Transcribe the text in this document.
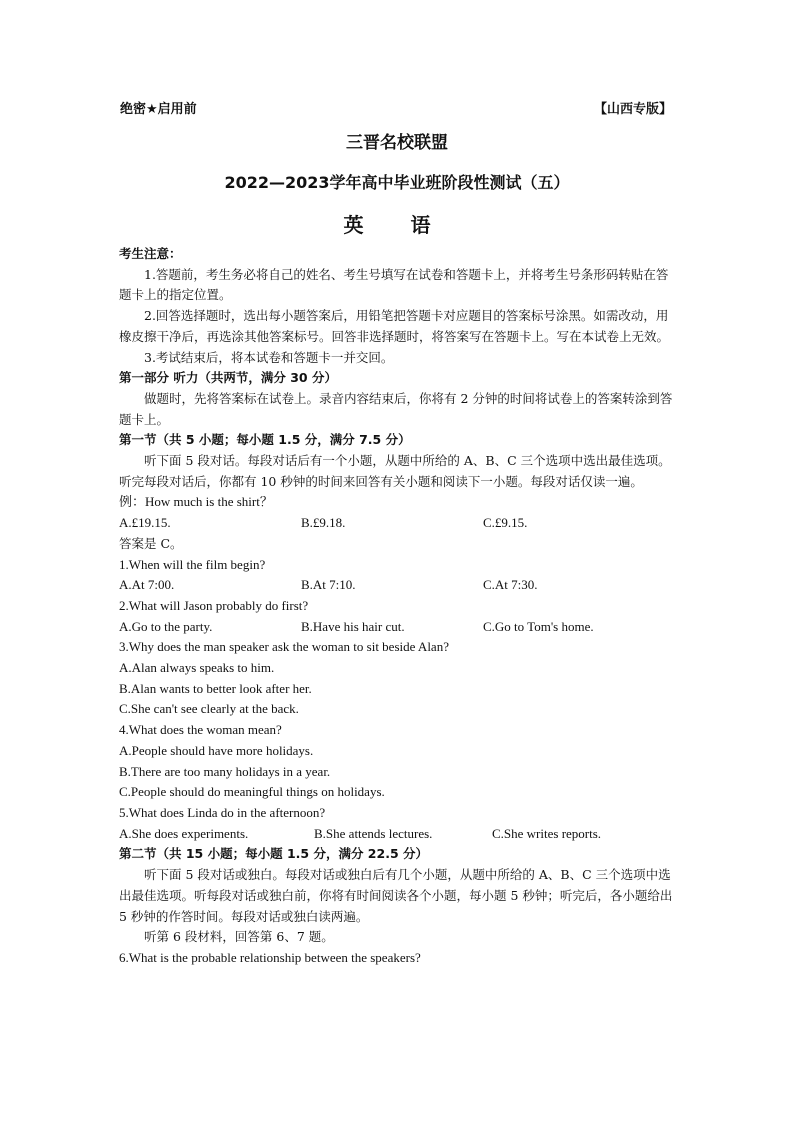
绝密★启用前	【山西专版】
三晋名校联盟
2022—2023学年高中毕业班阶段性测试（五）
英 语

考生注意：

1.答题前，考生务必将自己的姓名、考生号填写在试卷和答题卡上，并将考生号条形码转贴在答题卡上的指定位置。

2.回答选择题时，选出每小题答案后，用铅笔把答题卡对应题目的答案标号涂黑。如需改动，用橡皮擦干净后，再选涂其他答案标号。回答非选择题时，将答案写在答题卡上。写在本试卷上无效。

3.考试结束后，将本试卷和答题卡一并交回。

第一部分 听力（共两节，满分 30 分）

做题时，先将答案标在试卷上。录音内容结束后，你将有 2 分钟的时间将试卷上的答案转涂到答题卡上。

第一节（共 5 小题；每小题 1.5 分，满分 7.5 分）

听下面 5 段对话。每段对话后有一个小题，从题中所给的 A、B、C 三个选项中选出最佳选项。听完每段对话后，你都有 10 秒钟的时间来回答有关小题和阅读下一小题。每段对话仅读一遍。

例：How much is the shirt？

A.£19.15.	B.£9.18.	C.£9.15.

答案是 C。

1.When will the film begin?

A.At 7:00.	B.At 7:10.	C.At 7:30.

2.What will Jason probably do first?

A.Go to the party.	B.Have his hair cut.	C.Go to Tom's home.

3.Why does the man speaker ask the woman to sit beside Alan?

A.Alan always speaks to him.

B.Alan wants to better look after her.

C.She can't see clearly at the back.

4.What does the woman mean?

A.People should have more holidays.

B.There are too many holidays in a year.

C.People should do meaningful things on holidays.

5.What does Linda do in the afternoon?

A.She does experiments.	B.She attends lectures.	C.She writes reports.

第二节（共 15 小题；每小题 1.5 分，满分 22.5 分）

听下面 5 段对话或独白。每段对话或独白后有几个小题，从题中所给的 A、B、C 三个选项中选出最佳选项。听每段对话或独白前，你将有时间阅读各个小题，每小题 5 秒钟；听完后，各小题给出 5 秒钟的作答时间。每段对话或独白读两遍。

听第 6 段材料，回答第 6、7 题。

6.What is the probable relationship between the speakers?
